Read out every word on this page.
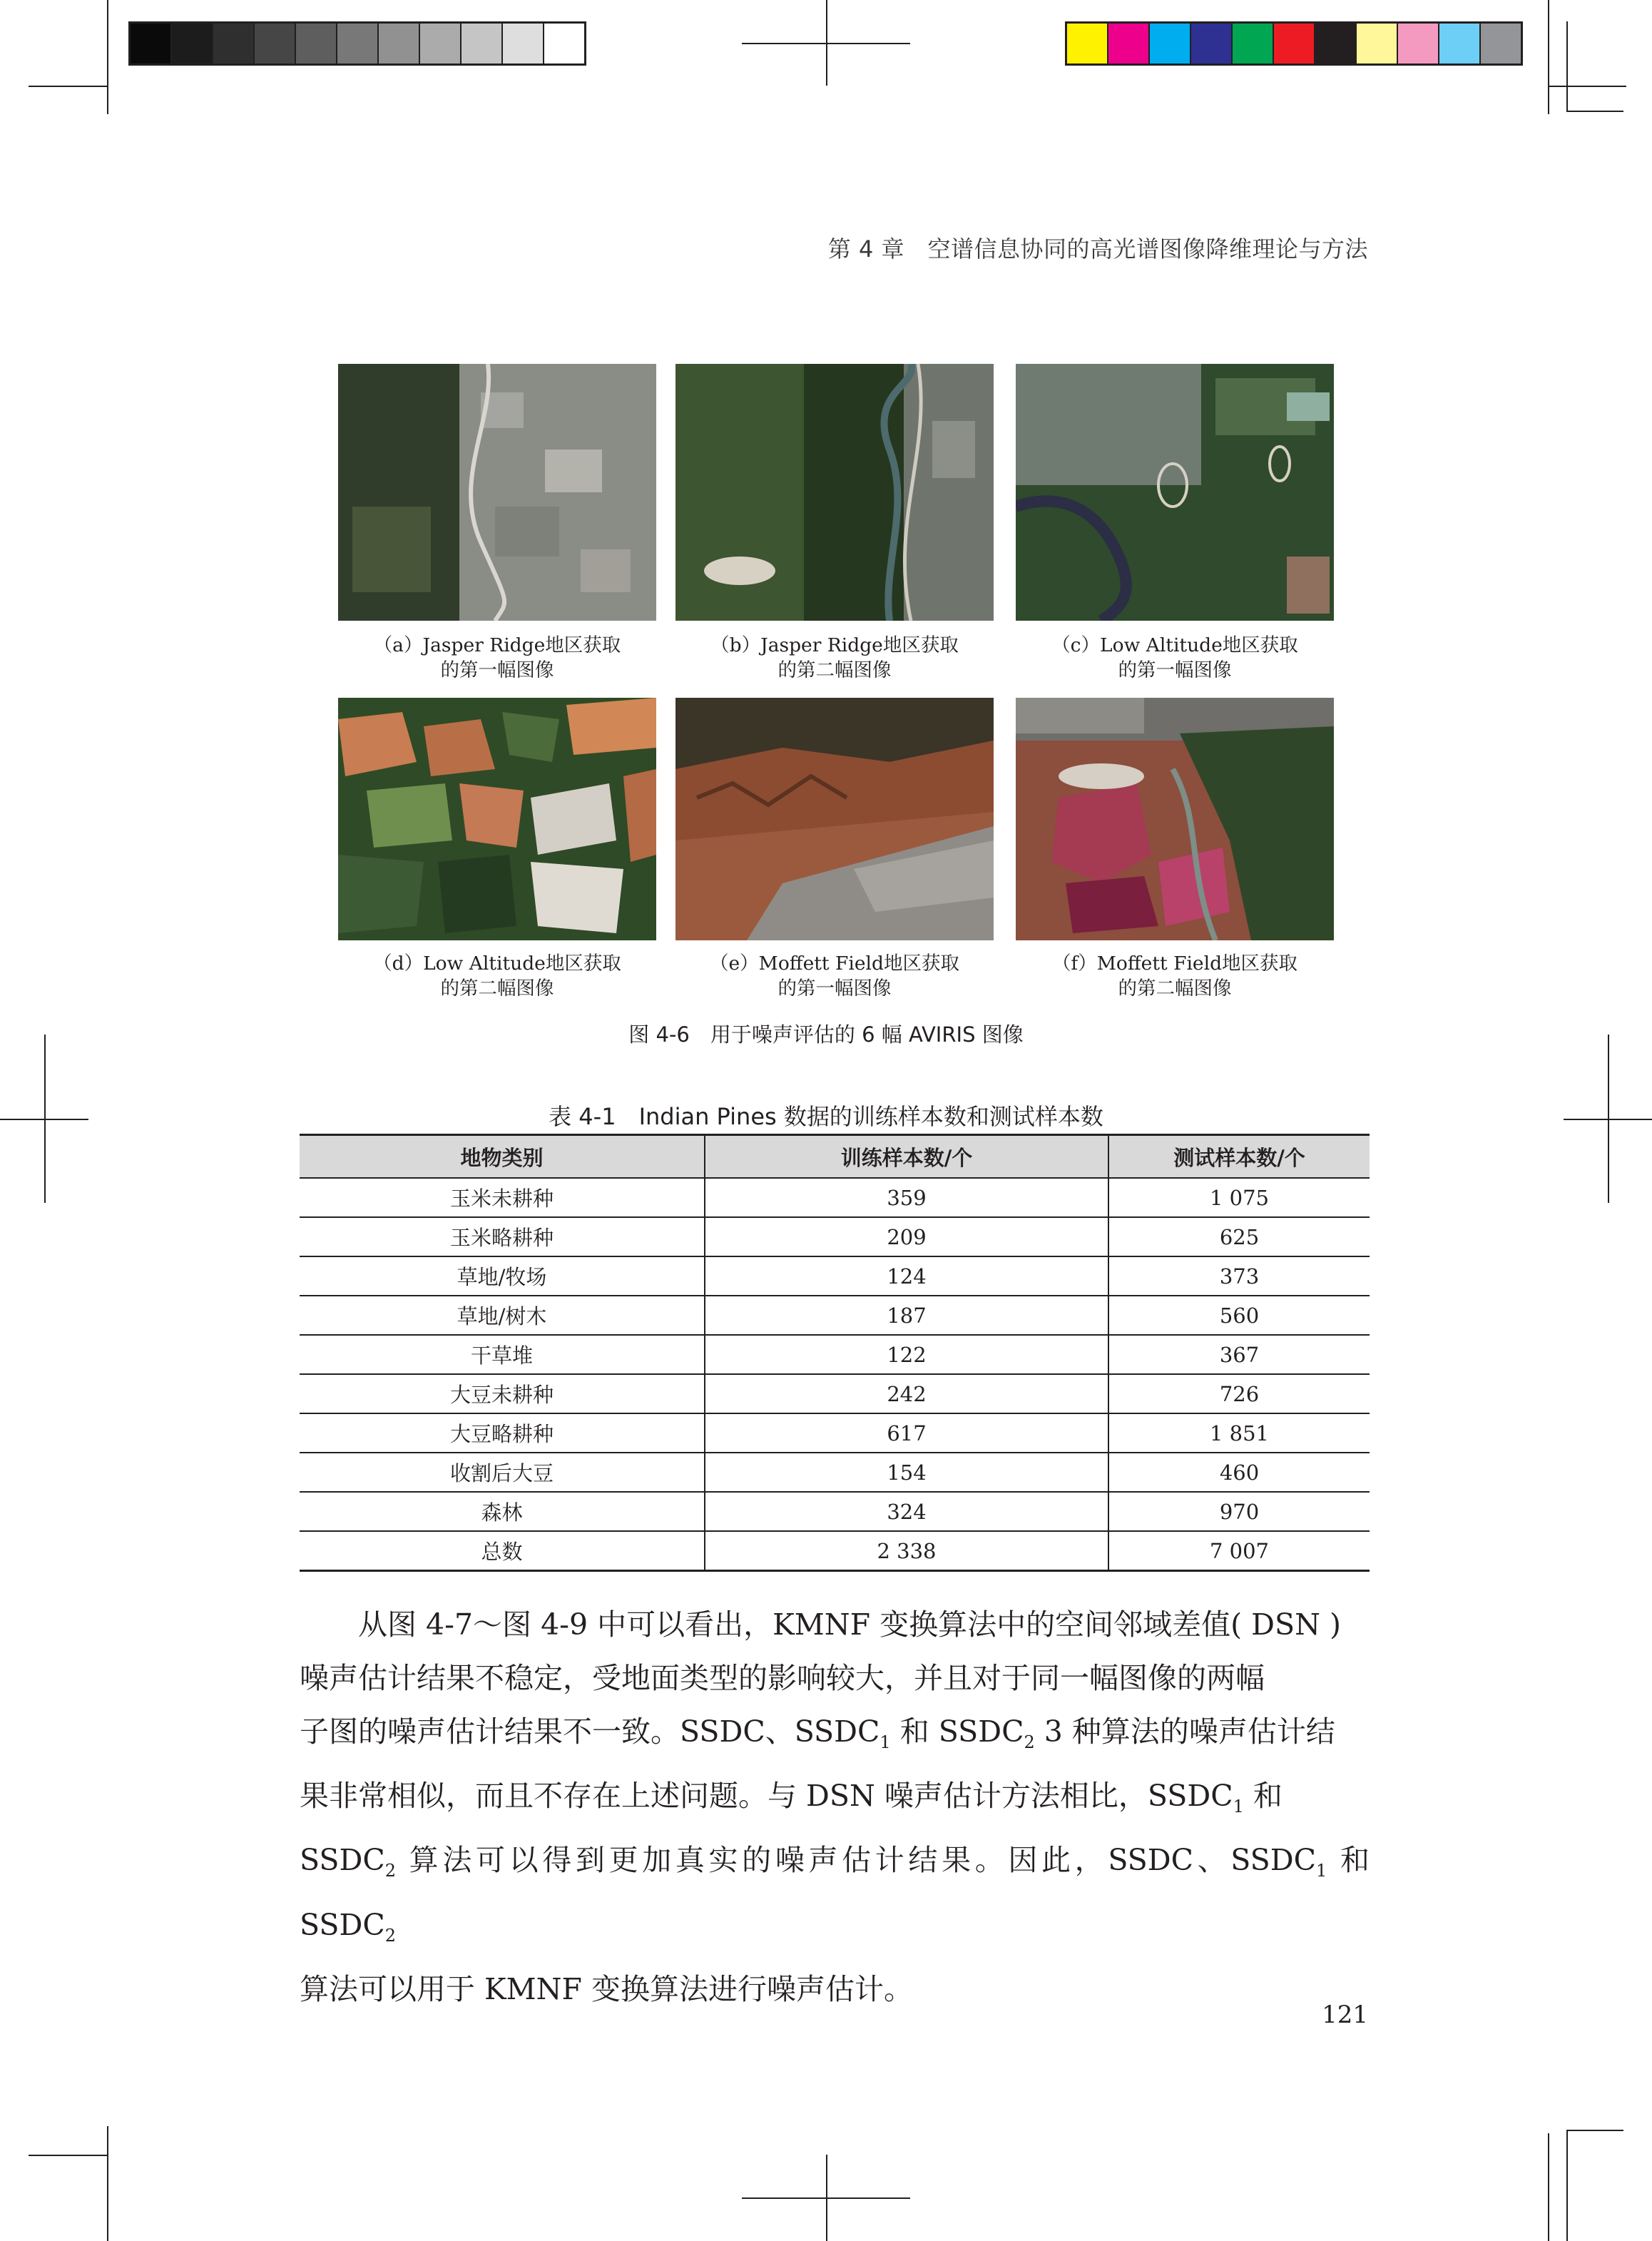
第 4 章　空谱信息协同的高光谱图像降维理论与方法
（a）Jasper Ridge地区获取
的第一幅图像
（b）Jasper Ridge地区获取
的第二幅图像
（c）Low Altitude地区获取
的第一幅图像
（d）Low Altitude地区获取
的第二幅图像
（e）Moffett Field地区获取
的第一幅图像
（f）Moffett Field地区获取
的第二幅图像
图 4-6　用于噪声评估的 6 幅 AVIRIS 图像
表 4-1　Indian Pines 数据的训练样本数和测试样本数
地物类别	训练样本数/个	测试样本数/个
玉米未耕种	359	1 075
玉米略耕种	209	625
草地/牧场	124	373
草地/树木	187	560
干草堆	122	367
大豆未耕种	242	726
大豆略耕种	617	1 851
收割后大豆	154	460
森林	324	970
总数	2 338	7 007

从图 4-7～图 4-9 中可以看出，KMNF 变换算法中的空间邻域差值( DSN )

噪声估计结果不稳定，受地面类型的影响较大，并且对于同一幅图像的两幅

子图的噪声估计结果不一致。SSDC、$SSDC_1$ 和 $SSDC_2$ 3 种算法的噪声估计结

果非常相似，而且不存在上述问题。与 DSN 噪声估计方法相比，$SSDC_1$ 和

$SSDC_2$ 算法可以得到更加真实的噪声估计结果。因此，SSDC、$SSDC_1$ 和 $SSDC_2$

算法可以用于 KMNF 变换算法进行噪声估计。

121
